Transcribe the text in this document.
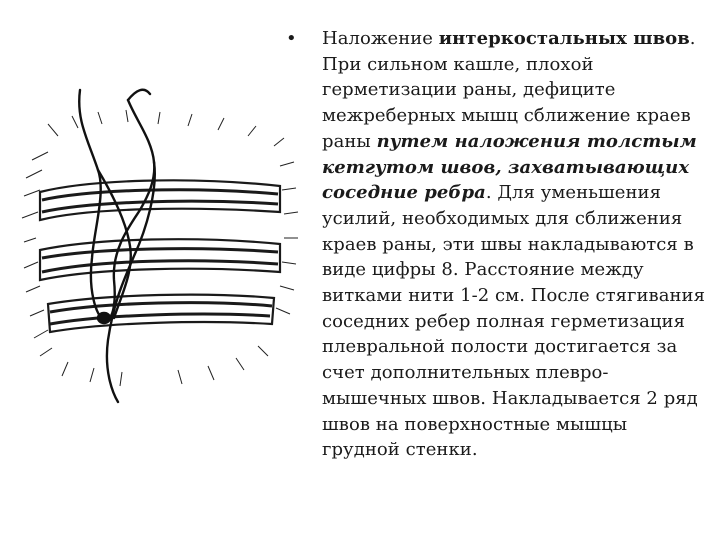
• Наложение интеркостальных швов. При сильном кашле, плохой герметизации раны, дефиците межреберных мышц сближение краев раны путем наложения толстым кетгутом швов, захватывающих соседние ребра. Для уменьшения усилий, необходимых для сближения краев раны, эти швы накладываются в виде цифры 8. Расстояние между витками нити 1-2 см. После стягивания соседних ребер полная герметизация плевральной полости достигается за счет дополнительных плевро-мышечных швов. Накладывается 2 ряд швов на поверхностные мышцы грудной стенки.
